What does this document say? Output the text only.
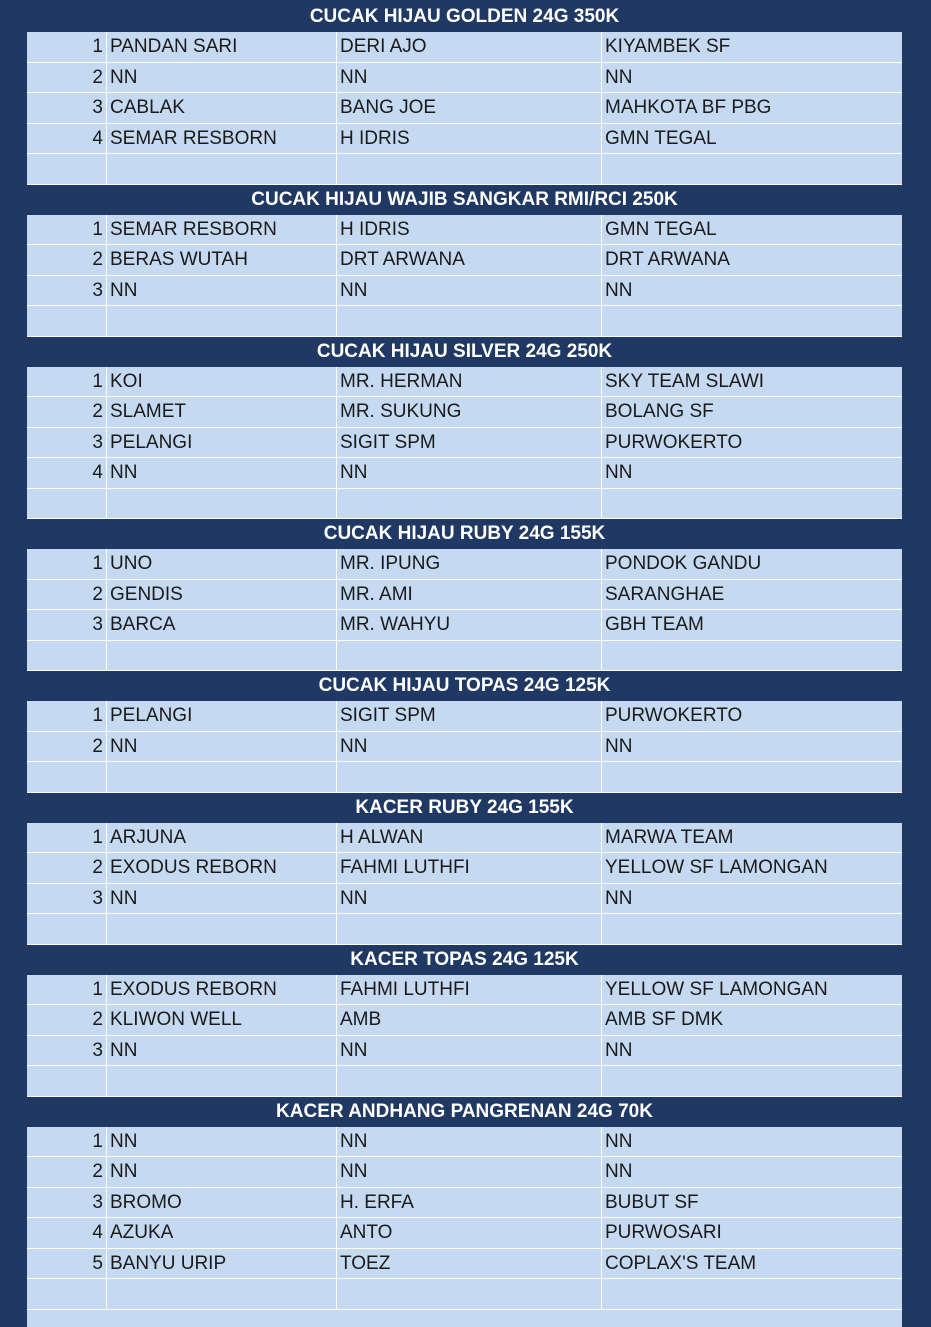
CUCAK HIJAU GOLDEN 24G 350K
1 PANDAN SARI	DERI AJO	KIYAMBEK SF
2 NN	NN	NN
3 CABLAK	BANG JOE	MAHKOTA BF PBG
4 SEMAR RESBORN	H IDRIS	GMN TEGAL
CUCAK HIJAU WAJIB SANGKAR RMI/RCI 250K
1 SEMAR RESBORN	H IDRIS	GMN TEGAL
2 BERAS WUTAH	DRT ARWANA	DRT ARWANA
3 NN	NN	NN
CUCAK HIJAU SILVER 24G 250K
1 KOI	MR. HERMAN	SKY TEAM SLAWI
2 SLAMET	MR. SUKUNG	BOLANG SF
3 PELANGI	SIGIT SPM	PURWOKERTO
4 NN	NN	NN
CUCAK HIJAU RUBY 24G 155K
1 UNO	MR. IPUNG	PONDOK GANDU
2 GENDIS	MR. AMI	SARANGHAE
3 BARCA	MR. WAHYU	GBH TEAM
CUCAK HIJAU TOPAS 24G 125K
1 PELANGI	SIGIT SPM	PURWOKERTO
2 NN	NN	NN
KACER RUBY 24G 155K
1 ARJUNA	H ALWAN	MARWA TEAM
2 EXODUS REBORN	FAHMI LUTHFI	YELLOW SF LAMONGAN
3 NN	NN	NN
KACER TOPAS 24G 125K
1 EXODUS REBORN	FAHMI LUTHFI	YELLOW SF LAMONGAN
2 KLIWON WELL	AMB	AMB SF DMK
3 NN	NN	NN
KACER ANDHANG PANGRENAN 24G 70K
1 NN	NN	NN
2 NN	NN	NN
3 BROMO	H. ERFA	BUBUT SF
4 AZUKA	ANTO	PURWOSARI
5 BANYU URIP	TOEZ	COPLAX'S TEAM
